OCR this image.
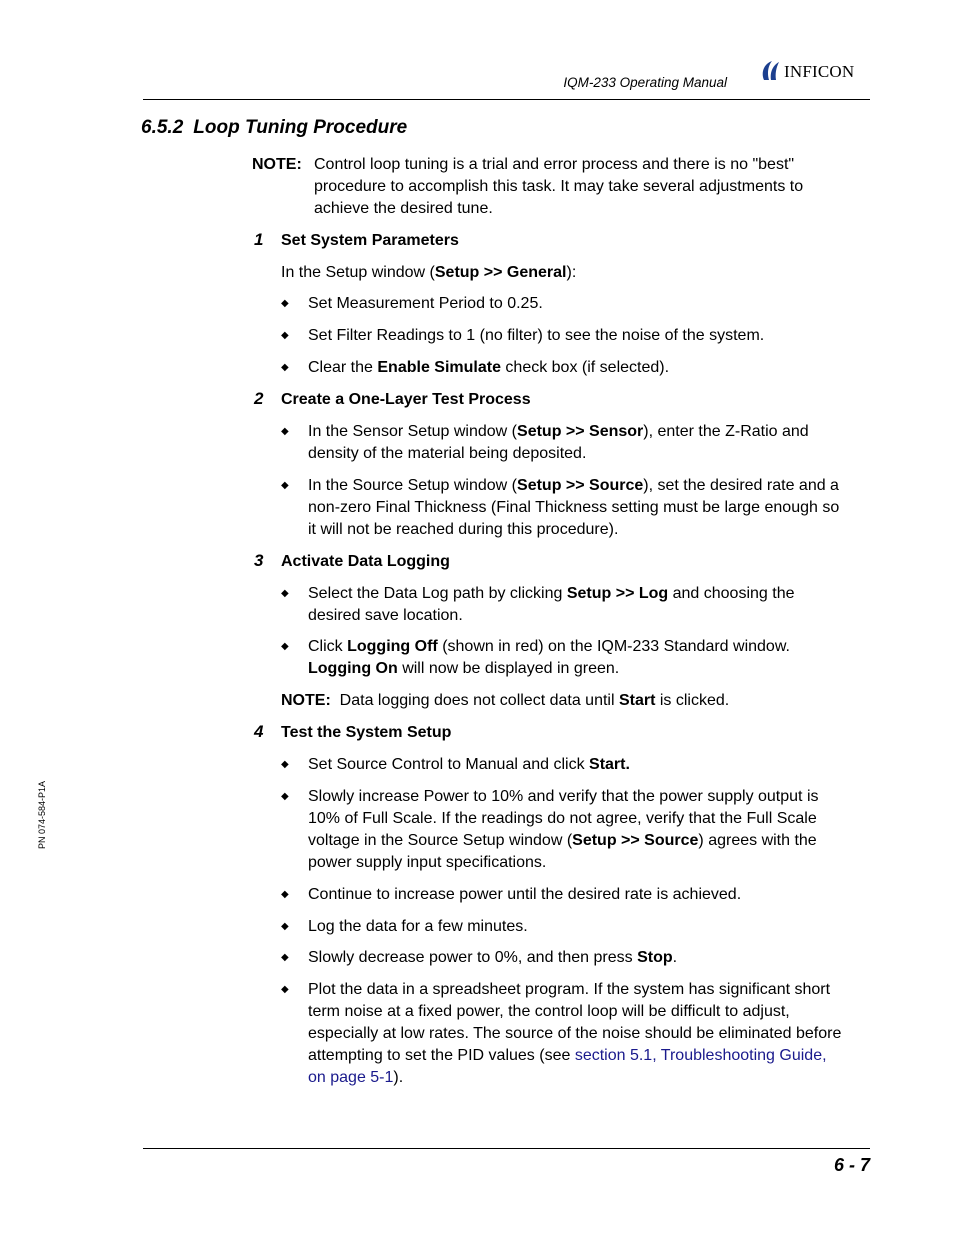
IQM-233 Operating Manual
INFICON
6.5.2 Loop Tuning Procedure
PN 074-584-P1A
NOTE: Control loop tuning is a trial and error process and there is no "best"
procedure to accomplish this task. It may take several adjustments to
achieve the desired tune.
1 Set System Parameters
In the Setup window (Setup >> General):
◆ Set Measurement Period to 0.25.
◆ Set Filter Readings to 1 (no filter) to see the noise of the system.
◆ Clear the Enable Simulate check box (if selected).
2 Create a One-Layer Test Process
◆ In the Sensor Setup window (Setup >> Sensor), enter the Z-Ratio and
density of the material being deposited.
◆ In the Source Setup window (Setup >> Source), set the desired rate and a
non-zero Final Thickness (Final Thickness setting must be large enough so
it will not be reached during this procedure).
3 Activate Data Logging
◆ Select the Data Log path by clicking Setup >> Log and choosing the
desired save location.
◆ Click Logging Off (shown in red) on the IQM-233 Standard window.
Logging On will now be displayed in green.
NOTE: Data logging does not collect data until Start is clicked.
4 Test the System Setup
◆ Set Source Control to Manual and click Start.
◆ Slowly increase Power to 10% and verify that the power supply output is
10% of Full Scale. If the readings do not agree, verify that the Full Scale
voltage in the Source Setup window (Setup >> Source) agrees with the
power supply input specifications.
◆ Continue to increase power until the desired rate is achieved.
◆ Log the data for a few minutes.
◆ Slowly decrease power to 0%, and then press Stop.
◆ Plot the data in a spreadsheet program. If the system has significant short
term noise at a fixed power, the control loop will be difficult to adjust,
especially at low rates. The source of the noise should be eliminated before
attempting to set the PID values (see section 5.1, Troubleshooting Guide,
on page 5-1).
6 - 7
